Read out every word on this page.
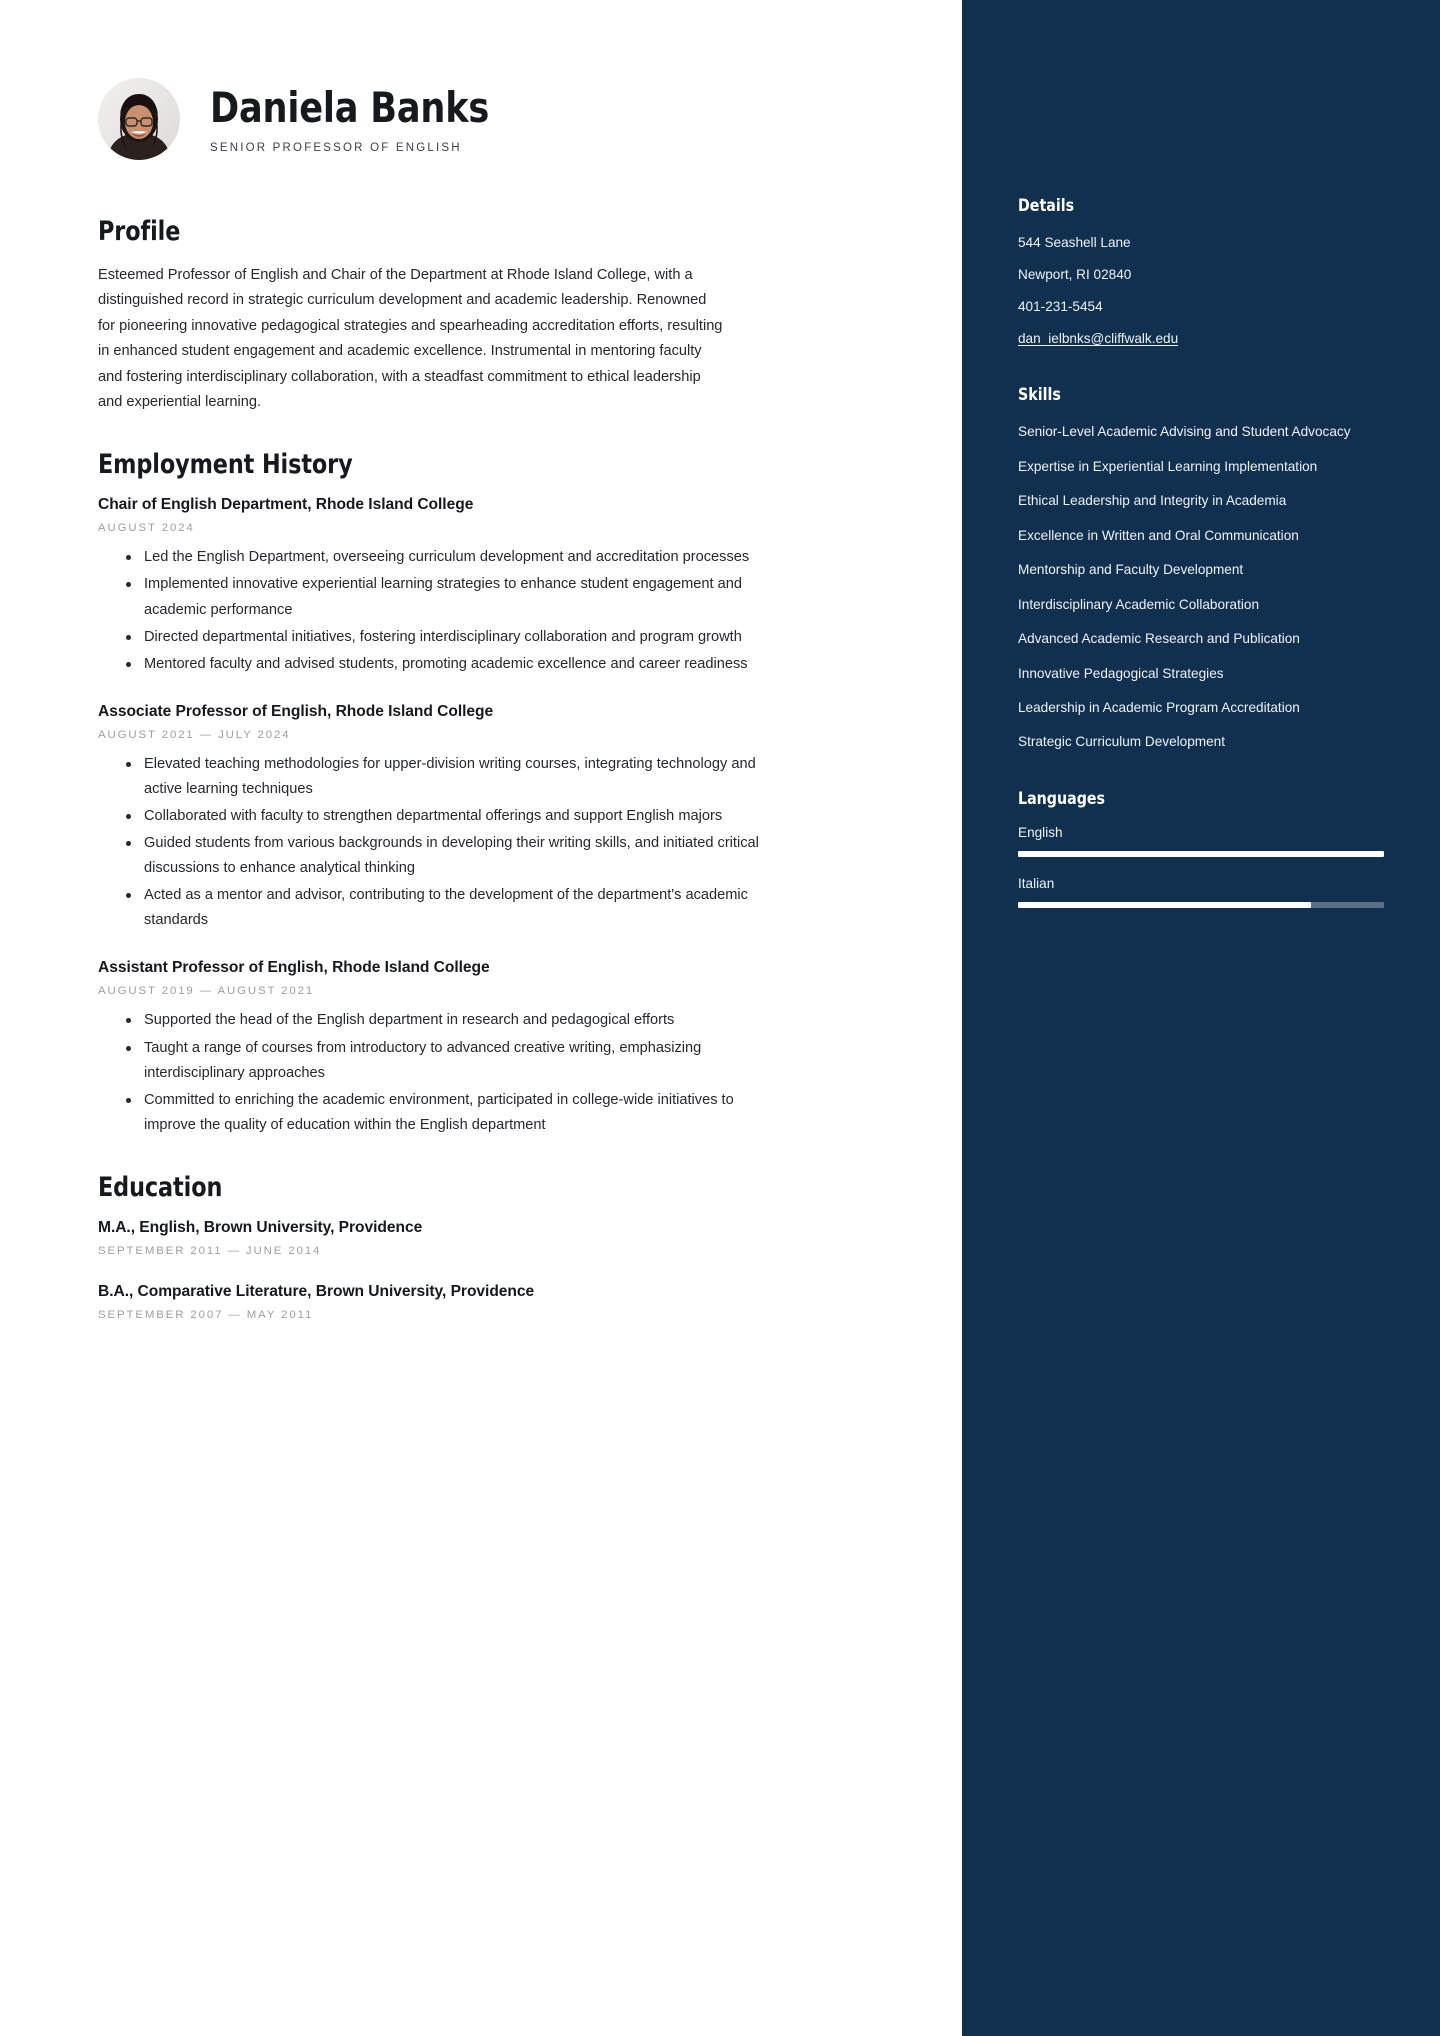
Daniela Banks
SENIOR PROFESSOR OF ENGLISH
Profile

Esteemed Professor of English and Chair of the Department at Rhode Island College, with a distinguished record in strategic curriculum development and academic leadership. Renowned for pioneering innovative pedagogical strategies and spearheading accreditation efforts, resulting in enhanced student engagement and academic excellence. Instrumental in mentoring faculty and fostering interdisciplinary collaboration, with a steadfast commitment to ethical leadership and experiential learning.

Employment History
Chair of English Department, Rhode Island College
AUGUST 2024
Led the English Department, overseeing curriculum development and accreditation processes
Implemented innovative experiential learning strategies to enhance student engagement and academic performance
Directed departmental initiatives, fostering interdisciplinary collaboration and program growth
Mentored faculty and advised students, promoting academic excellence and career readiness
Associate Professor of English, Rhode Island College
AUGUST 2021 — JULY 2024
Elevated teaching methodologies for upper-division writing courses, integrating technology and active learning techniques
Collaborated with faculty to strengthen departmental offerings and support English majors
Guided students from various backgrounds in developing their writing skills, and initiated critical discussions to enhance analytical thinking
Acted as a mentor and advisor, contributing to the development of the department's academic standards
Assistant Professor of English, Rhode Island College
AUGUST 2019 — AUGUST 2021
Supported the head of the English department in research and pedagogical efforts
Taught a range of courses from introductory to advanced creative writing, emphasizing interdisciplinary approaches
Committed to enriching the academic environment, participated in college-wide initiatives to improve the quality of education within the English department
Education
M.A., English, Brown University, Providence
SEPTEMBER 2011 — JUNE 2014
B.A., Comparative Literature, Brown University, Providence
SEPTEMBER 2007 — MAY 2011
Details
544 Seashell Lane
Newport, RI 02840
401-231-5454
dan_ielbnks@cliffwalk.edu
Skills
Senior-Level Academic Advising and Student Advocacy
Expertise in Experiential Learning Implementation
Ethical Leadership and Integrity in Academia
Excellence in Written and Oral Communication
Mentorship and Faculty Development
Interdisciplinary Academic Collaboration
Advanced Academic Research and Publication
Innovative Pedagogical Strategies
Leadership in Academic Program Accreditation
Strategic Curriculum Development
Languages
English
Italian
